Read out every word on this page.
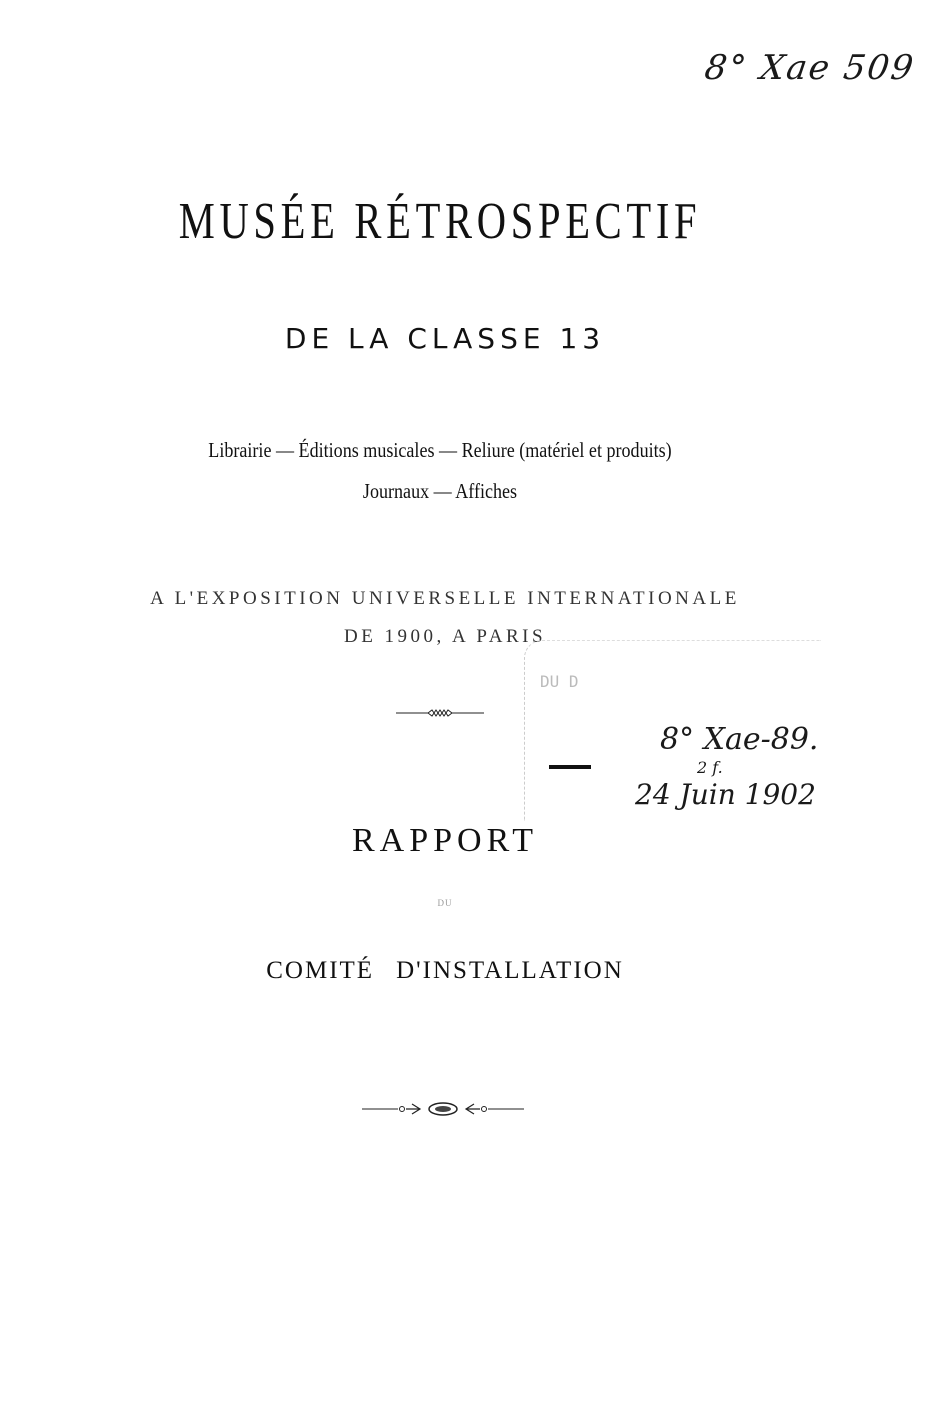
8° Xae 509
MUSÉE RÉTROSPECTIF
DE LA CLASSE 13
Librairie — Éditions musicales — Reliure (matériel et produits)
Journaux — Affiches
A L'EXPOSITION UNIVERSELLE INTERNATIONALE
DE 1900, A PARIS
DU D
8° Xae-89.
2 f.
24 Juin 1902
RAPPORT
DU
COMITÉ D'INSTALLATION
